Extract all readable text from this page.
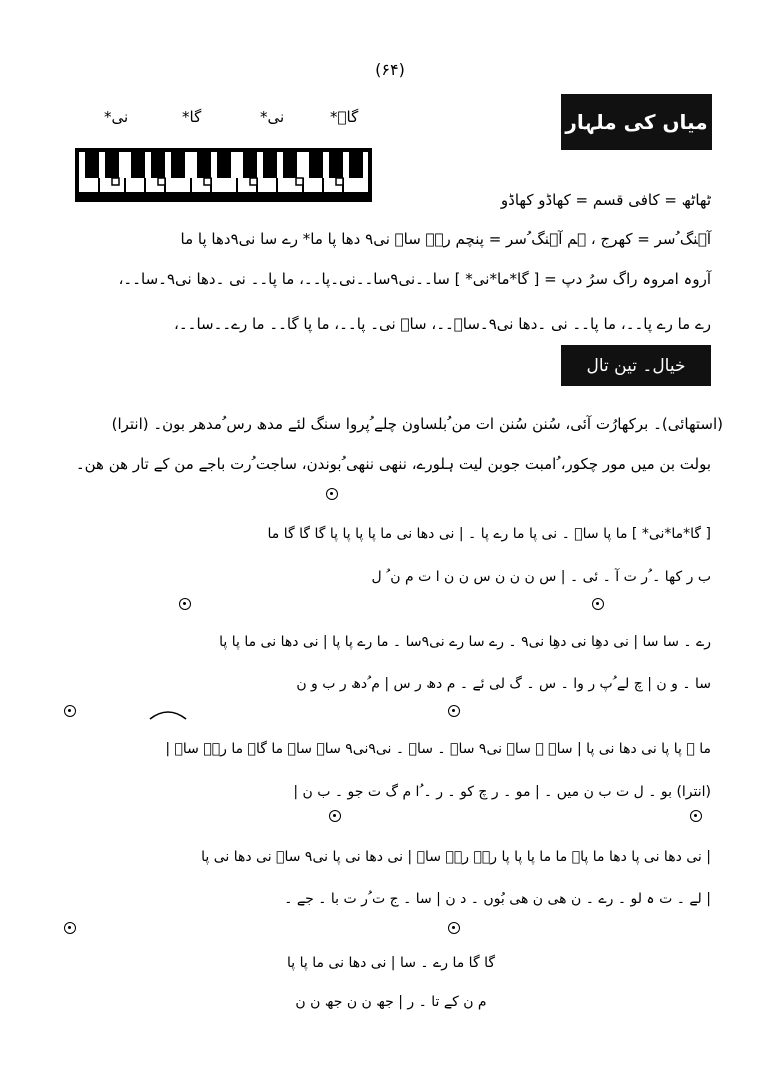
(۶۴)
گاؔ*
نی*
گا*
نی*	میاں کی ملہار
ٹھاٹھ = کافی قسم = کھاڈو کھاڈو
آہنگ ُسر = کھرج ، ہم آہنگ ُسر = پنچم رےؔ ساؔ نی٩ دھا پا ما* رے سا نی٩دھا پا ما
آروہ امروہ راگ سرُ دپ = [ گا*ما*نی* ] سا۔۔نی٩سا۔۔نی۔پا۔۔، ما پا۔۔ نی ۔دھا نی٩۔سا۔۔،
رے ما رے پا۔۔، ما پا۔۔ نی ۔دھا نی٩۔ساؔ۔۔، ساؔ نی۔ پا۔۔، ما پا گا۔۔ ما رے۔۔سا۔۔،
خیال۔ تین تال
(استھائی)۔ برکھارُت آئی، سُنن سُنن ات من ُبلساون چلے ُپروا سنگ لئے مدھ رس ُمدھر بون۔ (انترا)
بولت بن میں مور چکور، ُامبت جوبن لیت ہلورے، ننھی ننھی ُبوندن، ساجت ُرت باجے من کے تار ھن ھن۔
[ گا*ما*نی* ] ما پا ساؔ ۔ نی پا ما رے پا ۔ | نی دھا نی ما پا پا پا پا گا گا گا ما
ب ر کھا ۔ ُر ت آ ۔ ئی ۔ | س ن ن ن س ن ن ا ت م ن ُ ل
رے ۔ سا سا | نی دھِا نی دھِا نی٩ ۔ رے سا رے نی٩سا ۔ ما رے پا پا | نی دھا نی ما پا پا
سا ۔ و ن | چ لے ُپ ر وا ۔ س ۔ گ لی ئے ۔ م دھ ر س | م ُدھ ر ب و ن
ما ۔ پا پا نی دھا نی پا | ساؔ ۔ ساؔ نی٩ ساؔ ۔ ساؔ ۔ نی٩نی٩ ساؔ ساؔ ما گا۔ ما رےؔ ساؔ |
(انترا) بو ۔ ل ت ب ن میں ۔ | مو ۔ ر چ کو ۔ ر ۔ ُا م گ ت جو ۔ ب ن |
| نی دھا نی پا دھا ما پا۔ ما ما پا پا پا رےؔ رےؔ ساؔ | نی دھا نی پا نی٩ ساؔ نی دھا نی پا
| لے ۔ ت ہ لو ۔ رے ۔ ن ھی ن ھی بُوں ۔ د ن | سا ۔ ج ت ُر ت با ۔ جے ۔
گا گا ما رے ۔ سا | نی دھا نی ما پا پا
م ن کے تا ۔ ر | جھ ن ن جھ ن ن
